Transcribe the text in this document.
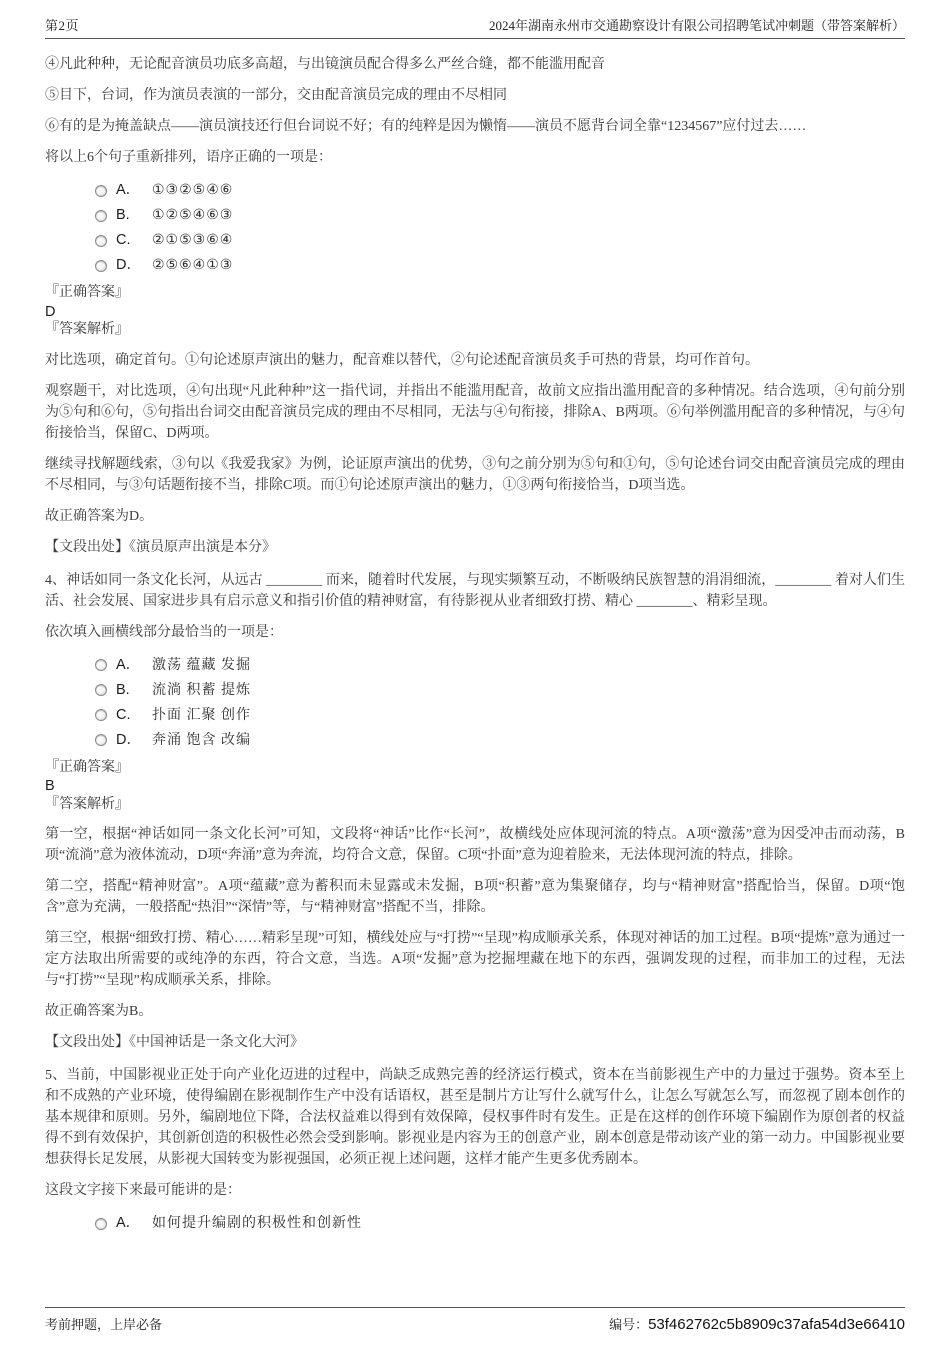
第2页	2024年湖南永州市交通勘察设计有限公司招聘笔试冲刺题（带答案解析）
④凡此种种，无论配音演员功底多高超，与出镜演员配合得多么严丝合缝，都不能滥用配音
⑤目下，台词，作为演员表演的一部分，交由配音演员完成的理由不尽相同
⑥有的是为掩盖缺点——演员演技还行但台词说不好；有的纯粹是因为懒惰——演员不愿背台词全靠“1234567”应付过去……
将以上6个句子重新排列，语序正确的一项是：
A． ①③②⑤④⑥
B.	①②⑤④⑥③
C.	②①⑤③⑥④
D． ②⑤⑥④①③
『正确答案』
D
『答案解析』
对比选项，确定首句。①句论述原声演出的魅力，配音难以替代，②句论述配音演员炙手可热的背景，均可作首句。
观察题干，对比选项，④句出现“凡此种种”这一指代词，并指出不能滥用配音，故前文应指出滥用配音的多种情况。结合选项，④句前分别为⑤句和⑥句，⑤句指出台词交由配音演员完成的理由不尽相同，无法与④句衔接，排除A、B两项。⑥句举例滥用配音的多种情况，与④句衔接恰当，保留C、D两项。
继续寻找解题线索，③句以《我爱我家》为例，论证原声演出的优势，③句之前分别为⑤句和①句，⑤句论述台词交由配音演员完成的理由不尽相同，与③句话题衔接不当，排除C项。而①句论述原声演出的魅力，①③两句衔接恰当，D项当选。
故正确答案为D。
【文段出处】《演员原声出演是本分》
4、神话如同一条文化长河，从远古 ________ 而来，随着时代发展，与现实频繁互动，不断吸纳民族智慧的涓涓细流，________ 着对人们生活、社会发展、国家进步具有启示意义和指引价值的精神财富，有待影视从业者细致打捞、精心 ________、精彩呈现。
依次填入画横线部分最恰当的一项是：
A． 激荡 蕴藏 发掘
B.	流淌 积蓄 提炼
C.	扑面 汇聚 创作
D． 奔涌 饱含 改编
『正确答案』
B
『答案解析』
第一空，根据“神话如同一条文化长河”可知，文段将“神话”比作“长河”，故横线处应体现河流的特点。A项“激荡”意为因受冲击而动荡，B项“流淌”意为液体流动，D项“奔涌”意为奔流，均符合文意，保留。C项“扑面”意为迎着脸来，无法体现河流的特点，排除。
第二空，搭配“精神财富”。A项“蕴藏”意为蓄积而未显露或未发掘，B项“积蓄”意为集聚储存，均与“精神财富”搭配恰当，保留。D项“饱含”意为充满，一般搭配“热泪”“深情”等，与“精神财富”搭配不当，排除。
第三空，根据“细致打捞、精心……精彩呈现”可知，横线处应与“打捞”“呈现”构成顺承关系，体现对神话的加工过程。B项“提炼”意为通过一定方法取出所需要的或纯净的东西，符合文意，当选。A项“发掘”意为挖掘埋藏在地下的东西，强调发现的过程，而非加工的过程，无法与“打捞”“呈现”构成顺承关系，排除。
故正确答案为B。
【文段出处】《中国神话是一条文化大河》
5、当前，中国影视业正处于向产业化迈进的过程中，尚缺乏成熟完善的经济运行模式，资本在当前影视生产中的力量过于强势。资本至上和不成熟的产业环境，使得编剧在影视制作生产中没有话语权，甚至是制片方让写什么就写什么，让怎么写就怎么写，而忽视了剧本创作的基本规律和原则。另外，编剧地位下降，合法权益难以得到有效保障，侵权事件时有发生。正是在这样的创作环境下编剧作为原创者的权益得不到有效保护，其创新创造的积极性必然会受到影响。影视业是内容为王的创意产业，剧本创意是带动该产业的第一动力。中国影视业要想获得长足发展，从影视大国转变为影视强国，必须正视上述问题，这样才能产生更多优秀剧本。
这段文字接下来最可能讲的是：
A． 如何提升编剧的积极性和创新性
考前押题，上岸必备	编号：53f462762c5b8909c37afa54d3e66410
